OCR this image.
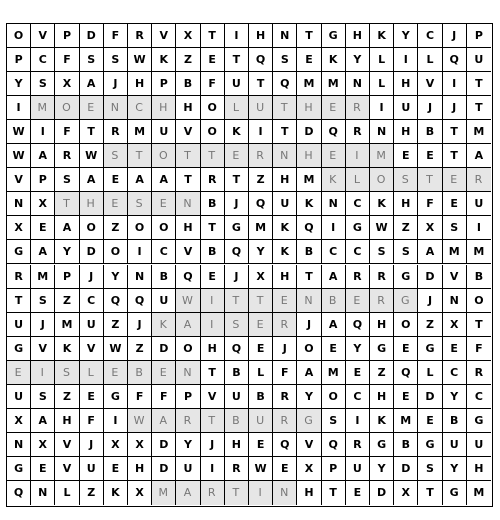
O	V	P	D	F	R	V	X	T	I	H	N	T	G	H	K	Y	C	J	P
P	C	F	S	S	W	K	Z	E	T	Q	S	E	K	Y	L	I	L	Q	U
Y	S	X	A	J	H	P	B	F	U	T	Q	M	M	N	L	H	V	I	T
I	M	O	E	N	C	H	H	O	L	U	T	H	E	R	I	U	J	J	T
W	I	F	T	R	M	U	V	O	K	I	T	D	Q	R	N	H	B	T	M
W	A	R	W	S	T	O	T	T	E	R	N	H	E	I	M	E	E	T	A
V	P	S	A	E	A	A	T	R	T	Z	H	M	K	L	O	S	T	E	R
N	X	T	H	E	S	E	N	B	J	Q	U	K	N	C	K	H	F	E	U
X	E	A	O	Z	O	O	H	T	G	M	K	Q	I	G	W	Z	X	S	I
G	A	Y	D	O	I	C	V	B	Q	Y	K	B	C	C	S	S	A	M	M
R	M	P	J	Y	N	B	Q	E	J	X	H	T	A	R	R	G	D	V	B
T	S	Z	C	Q	Q	U	W	I	T	T	E	N	B	E	R	G	J	N	O
U	J	M	U	Z	J	K	A	I	S	E	R	J	A	Q	H	O	Z	X	T
G	V	K	V	W	Z	D	O	H	Q	E	J	O	E	Y	G	E	G	E	F
E	I	S	L	E	B	E	N	T	B	L	F	A	M	E	Z	Q	L	C	R
U	S	Z	E	G	F	F	P	V	U	B	R	Y	O	C	H	E	D	Y	C
X	A	H	F	I	W	A	R	T	B	U	R	G	S	I	K	M	E	B	G
N	X	V	J	X	X	D	Y	J	H	E	Q	V	Q	R	G	B	G	U	U
G	E	V	U	E	H	D	U	I	R	W	E	X	P	U	Y	D	S	Y	H
Q	N	L	Z	K	X	M	A	R	T	I	N	H	T	E	D	X	T	G	M
